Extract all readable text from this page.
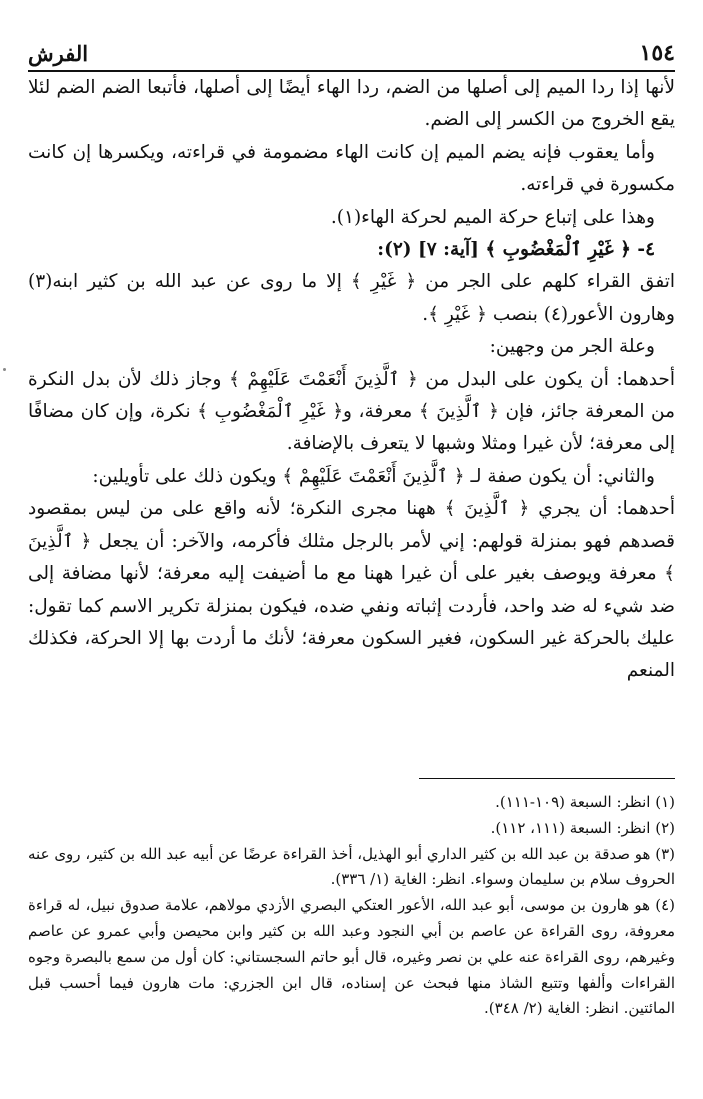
١٥٤
الفرش

لأنها إذا ردا الميم إلى أصلها من الضم، ردا الهاء أيضًا إلى أصلها، فأتبعا الضم الضم لئلا يقع الخروج من الكسر إلى الضم.

وأما يعقوب فإنه يضم الميم إن كانت الهاء مضمومة في قراءته، ويكسرها إن كانت مكسورة في قراءته.

وهذا على إتباع حركة الميم لحركة الهاء(١).

٤- ﴿ غَيْرِ ٱلْمَغْضُوبِ ﴾ [آية: ٧] (٢):

اتفق القراء كلهم على الجر من ﴿ غَيْرِ ﴾ إلا ما روى عن عبد الله بن كثير ابنه(٣) وهارون الأعور(٤) بنصب ﴿ غَيْرِ ﴾.

وعلة الجر من وجهين:

أحدهما: أن يكون على البدل من ﴿ ٱلَّذِينَ أَنْعَمْتَ عَلَيْهِمْ ﴾ وجاز ذلك لأن بدل النكرة من المعرفة جائز، فإن ﴿ ٱلَّذِينَ ﴾ معرفة، و﴿ غَيْرِ ٱلْمَغْضُوبِ ﴾ نكرة، وإن كان مضافًا إلى معرفة؛ لأن غيرا ومثلا وشبها لا يتعرف بالإضافة.

والثاني: أن يكون صفة لـ ﴿ ٱلَّذِينَ أَنْعَمْتَ عَلَيْهِمْ ﴾ ويكون ذلك على تأويلين:

أحدهما: أن يجري ﴿ ٱلَّذِينَ ﴾ ههنا مجرى النكرة؛ لأنه واقع على من ليس بمقصود قصدهم فهو بمنزلة قولهم: إني لأمر بالرجل مثلك فأكرمه، والآخر: أن يجعل ﴿ ٱلَّذِينَ ﴾ معرفة ويوصف بغير على أن غيرا ههنا مع ما أضيفت إليه معرفة؛ لأنها مضافة إلى ضد شيء له ضد واحد، فأردت إثباته ونفي ضده، فيكون بمنزلة تكرير الاسم كما تقول: عليك بالحركة غير السكون، فغير السكون معرفة؛ لأنك ما أردت بها إلا الحركة، فكذلك المنعم

(١) انظر: السبعة (١٠٩-١١١).

(٢) انظر: السبعة (١١١، ١١٢).

(٣) هو صدقة بن عبد الله بن كثير الداري أبو الهذيل، أخذ القراءة عرضًا عن أبيه عبد الله بن كثير، روى عنه الحروف سلام بن سليمان وسواء. انظر: الغاية (١/ ٣٣٦).

(٤) هو هارون بن موسى، أبو عبد الله، الأعور العتكي البصري الأزدي مولاهم، علامة صدوق نبيل، له قراءة معروفة، روى القراءة عن عاصم بن أبي النجود وعبد الله بن كثير وابن محيصن وأبي عمرو عن عاصم وغيرهم، روى القراءة عنه علي بن نصر وغيره، قال أبو حاتم السجستاني: كان أول من سمع بالبصرة وجوه القراءات وألفها وتتبع الشاذ منها فبحث عن إسناده، قال ابن الجزري: مات هارون فيما أحسب قبل المائتين. انظر: الغاية (٢/ ٣٤٨).
